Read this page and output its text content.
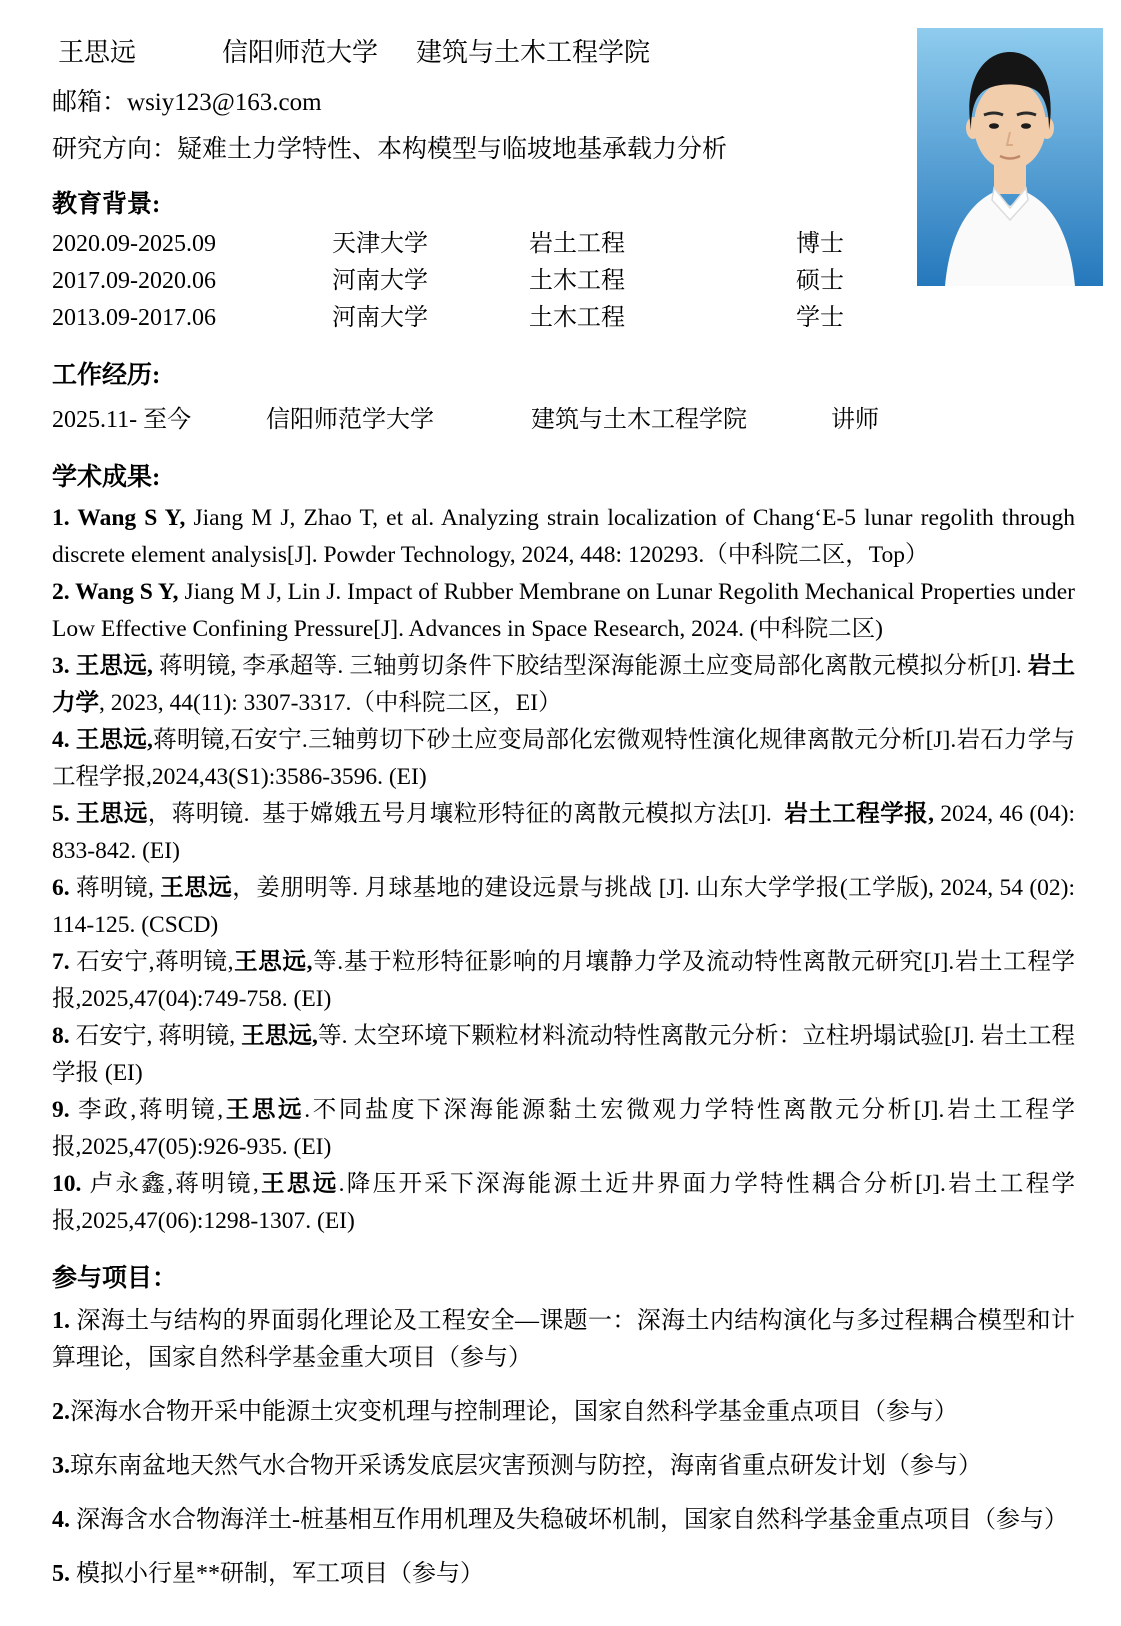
王思远	信阳师范大学 建筑与土木工程学院
邮箱：wsiy123@163.com
研究方向：疑难土力学特性、本构模型与临坡地基承载力分析
教育背景:
2020.09-2025.09	天津大学	岩土工程	博士
2017.09-2020.06	河南大学	土木工程	硕士
2013.09-2017.06	河南大学	土木工程	学士
工作经历:
2025.11- 至今	信阳师范学大学	建筑与土木工程学院	讲师
学术成果:

1. Wang S Y, Jiang M J, Zhao T, et al. Analyzing strain localization of Chang‘E-5 lunar regolith through discrete element analysis[J]. Powder Technology, 2024, 448: 120293.（中科院二区，Top）

2. Wang S Y, Jiang M J, Lin J. Impact of Rubber Membrane on Lunar Regolith Mechanical Properties under Low Effective Confining Pressure[J]. Advances in Space Research, 2024. (中科院二区)

3. 王思远, 蒋明镜, 李承超等. 三轴剪切条件下胶结型深海能源土应变局部化离散元模拟分析[J]. 岩土力学, 2023, 44(11): 3307-3317.（中科院二区，EI）

4. 王思远,蒋明镜,石安宁.三轴剪切下砂土应变局部化宏微观特性演化规律离散元分析[J].岩石力学与工程学报,2024,43(S1):3586-3596. (EI)

5. 王思远，蒋明镜.  基于嫦娥五号月壤粒形特征的离散元模拟方法[J].  岩土工程学报, 2024, 46 (04): 833-842. (EI)

6. 蒋明镜, 王思远，姜朋明等. 月球基地的建设远景与挑战 [J]. 山东大学学报(工学版), 2024, 54 (02): 114-125. (CSCD)

7. 石安宁,蒋明镜,王思远,等.基于粒形特征影响的月壤静力学及流动特性离散元研究[J].岩土工程学报,2025,47(04):749-758. (EI)

8. 石安宁, 蒋明镜, 王思远,等. 太空环境下颗粒材料流动特性离散元分析：立柱坍塌试验[J]. 岩土工程学报 (EI)

9. 李政,蒋明镜,王思远.不同盐度下深海能源黏土宏微观力学特性离散元分析[J].岩土工程学报,2025,47(05):926-935. (EI)

10. 卢永鑫,蒋明镜,王思远.降压开采下深海能源土近井界面力学特性耦合分析[J].岩土工程学报,2025,47(06):1298-1307. (EI)

参与项目：

1. 深海土与结构的界面弱化理论及工程安全—课题一：深海土内结构演化与多过程耦合模型和计算理论，国家自然科学基金重大项目（参与）

2.深海水合物开采中能源土灾变机理与控制理论，国家自然科学基金重点项目（参与）

3.琼东南盆地天然气水合物开采诱发底层灾害预测与防控，海南省重点研发计划（参与）

4. 深海含水合物海洋土-桩基相互作用机理及失稳破坏机制，国家自然科学基金重点项目（参与）

5. 模拟小行星**研制，军工项目（参与）
